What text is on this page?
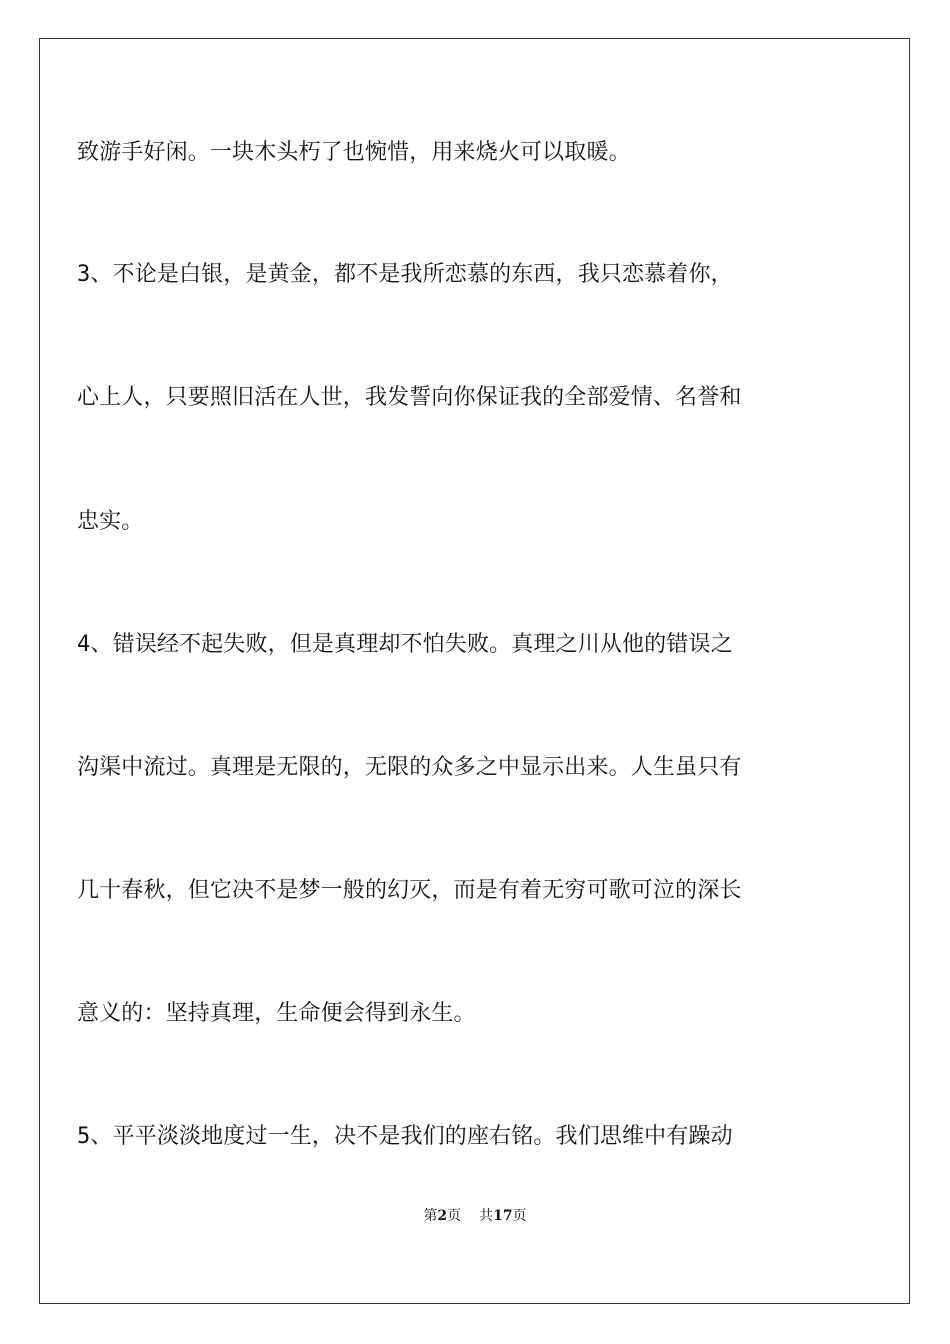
致游手好闲。一块木头朽了也惋惜，用来烧火可以取暖。
3、不论是白银，是黄金，都不是我所恋慕的东西，我只恋慕着你，
心上人，只要照旧活在人世，我发誓向你保证我的全部爱情、名誉和
忠实。
4、错误经不起失败，但是真理却不怕失败。真理之川从他的错误之
沟渠中流过。真理是无限的，无限的众多之中显示出来。人生虽只有
几十春秋，但它决不是梦一般的幻灭，而是有着无穷可歌可泣的深长
意义的：坚持真理，生命便会得到永生。
5、平平淡淡地度过一生，决不是我们的座右铭。我们思维中有躁动
第2页 共17页
